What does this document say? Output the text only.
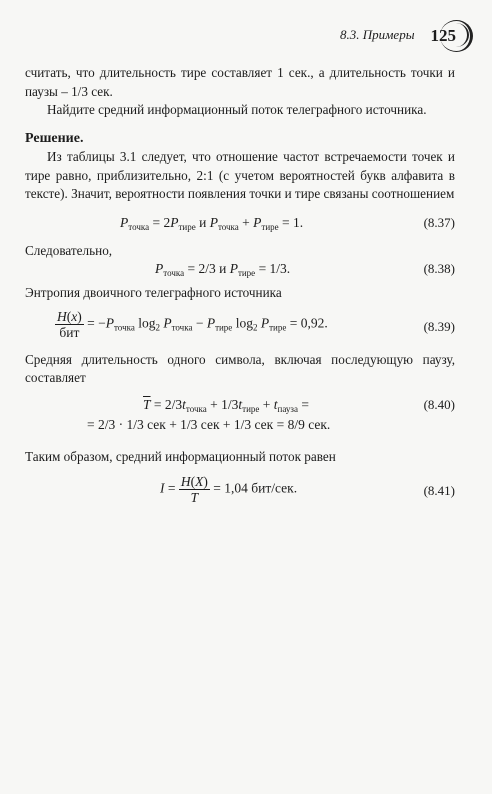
8.3. Примеры 125

считать, что длительность тире составляет 1 сек., а длительность точки и паузы – 1/3 сек.

Найдите средний информационный поток телеграфного источника.

Решение.

Из таблицы 3.1 следует, что отношение частот встречаемости точек и тире равно, приблизительно, 2:1 (с учетом вероятностей букв алфавита в тексте). Значит, вероятности появления точки и тире связаны соотношением

$P_{точка} = 2P_{тире}$ и $P_{точка} + P_{тире} = 1$.	(8.37)

Следовательно,

$P_{точка} = 2/3$ и $P_{тире} = 1/3$.	(8.38)

Энтропия двоичного телеграфного источника

$\frac{H(x)}{\text{бит}} = -P_{точка}$ $\log_2 P_{точка} - P_{тире}$ $\log_2 P_{тире} = 0,92$.	(8.39)

Средняя длительность одного символа, включая последующую паузу, составляет

$\overline{T} = 2/3t_{точка} + 1/3t_{тире} + t_{пауза}$ =	(8.40)
= 2/3 · 1/3 сек + 1/3 сек + 1/3 сек = 8/9 сек.

Таким образом, средний информационный поток равен

$I = \frac{H(X)}{T} = 1,04$ бит/сек.	(8.41)
